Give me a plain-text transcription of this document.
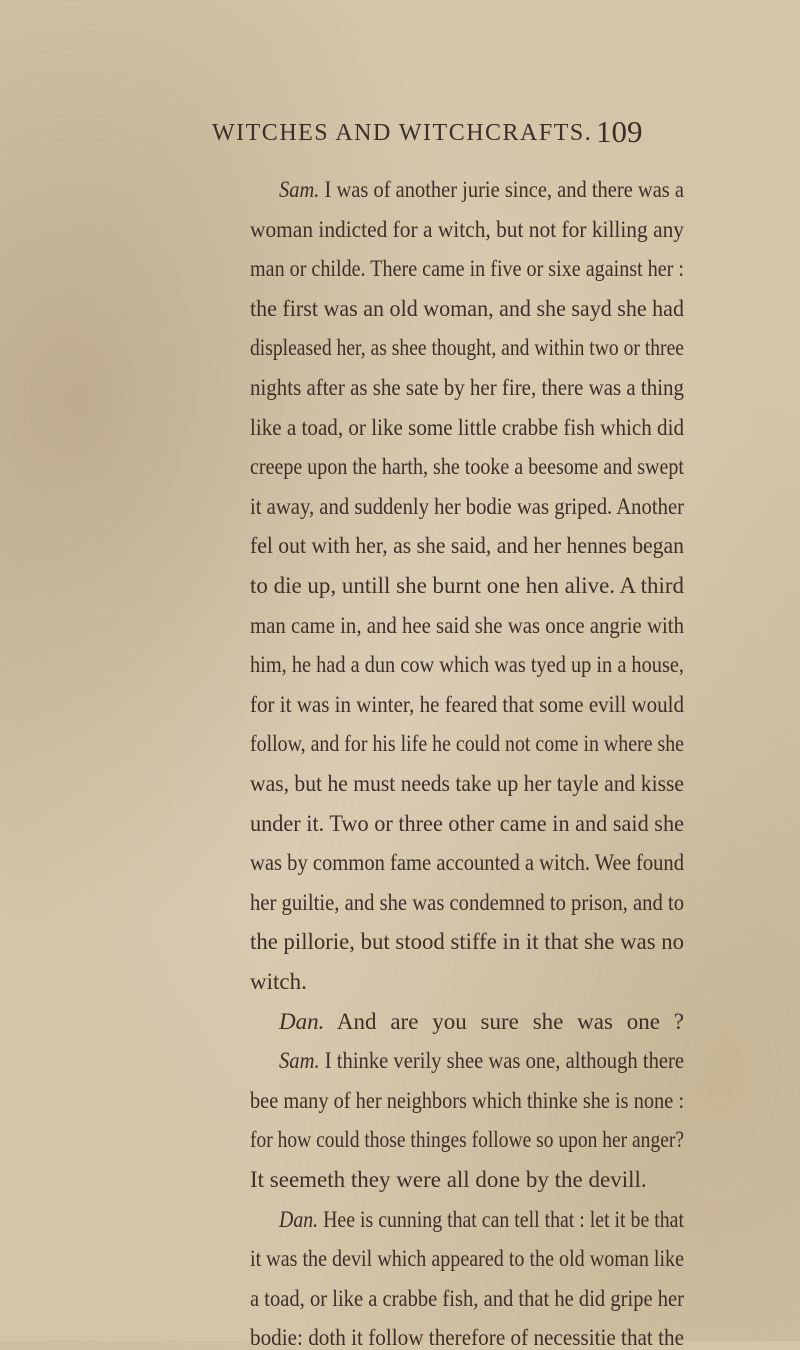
WITCHES AND WITCHCRAFTS. 109
Sam. I was of another jurie since, and there was a
woman indicted for a witch, but not for killing any
man or childe. There came in five or sixe against her :
the first was an old woman, and she sayd she had
displeased her, as shee thought, and within two or three
nights after as she sate by her fire, there was a thing
like a toad, or like some little crabbe fish which did
creepe upon the harth, she tooke a beesome and swept
it away, and suddenly her bodie was griped. Another
fel out with her, as she said, and her hennes began
to die up, untill she burnt one hen alive. A third
man came in, and hee said she was once angrie with
him, he had a dun cow which was tyed up in a house,
for it was in winter, he feared that some evill would
follow, and for his life he could not come in where she
was, but he must needs take up her tayle and kisse
under it. Two or three other came in and said she
was by common fame accounted a witch. Wee found
her guiltie, and she was condemned to prison, and to
the pillorie, but stood stiffe in it that she was no
witch.
Dan. And are you sure she was one ?
Sam. I thinke verily shee was one, although there
bee many of her neighbors which thinke she is none :
for how could those thinges followe so upon her anger?
It seemeth they were all done by the devill.
Dan. Hee is cunning that can tell that : let it be that
it was the devil which appeared to the old woman like
a toad, or like a crabbe fish, and that he did gripe her
bodie: doth it follow therefore of necessitie that the
